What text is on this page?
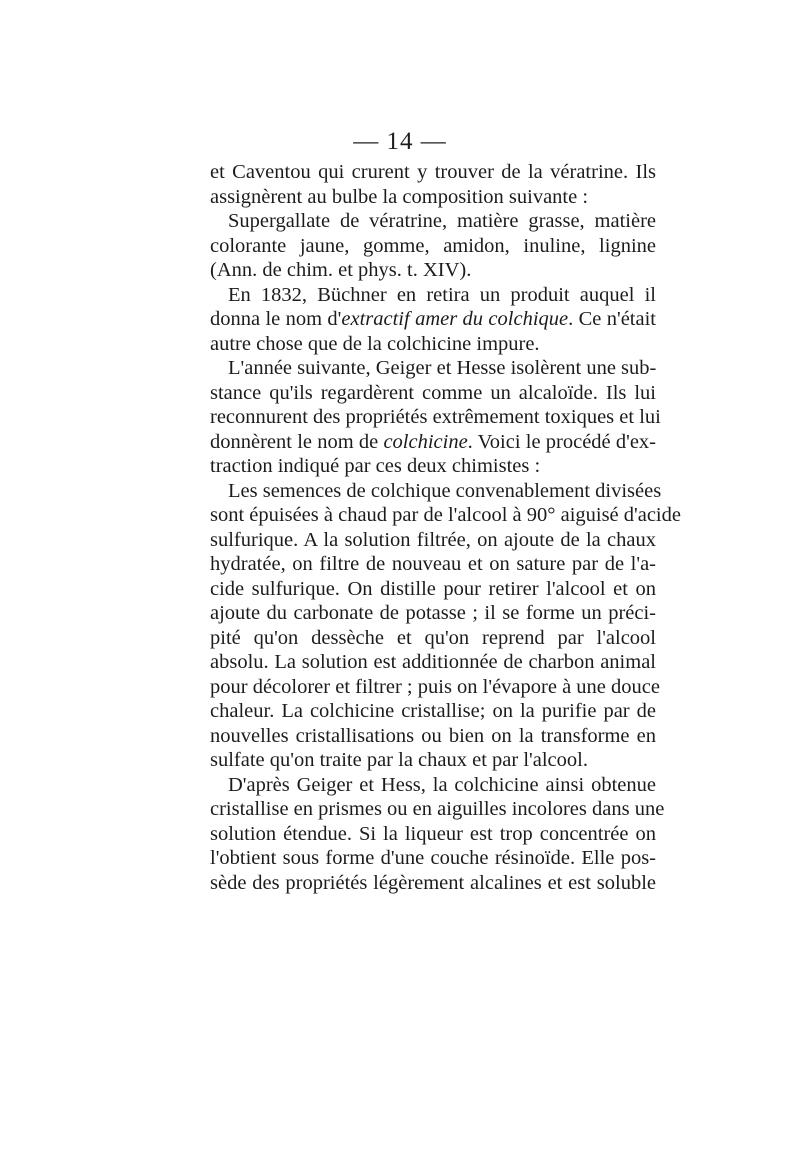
— 14 —
et Caventou qui crurent y trouver de la vératrine. Ils
assignèrent au bulbe la composition suivante :
Supergallate de vératrine, matière grasse, matière
colorante jaune, gomme, amidon, inuline, lignine
(Ann. de chim. et phys. t. XIV).
En 1832, Büchner en retira un produit auquel il
donna le nom d'extractif amer du colchique. Ce n'était
autre chose que de la colchicine impure.
L'année suivante, Geiger et Hesse isolèrent une sub-
stance qu'ils regardèrent comme un alcaloïde. Ils lui
reconnurent des propriétés extrêmement toxiques et lui
donnèrent le nom de colchicine. Voici le procédé d'ex-
traction indiqué par ces deux chimistes :
Les semences de colchique convenablement divisées
sont épuisées à chaud par de l'alcool à 90° aiguisé d'acide
sulfurique. A la solution filtrée, on ajoute de la chaux
hydratée, on filtre de nouveau et on sature par de l'a-
cide sulfurique. On distille pour retirer l'alcool et on
ajoute du carbonate de potasse ; il se forme un préci-
pité qu'on dessèche et qu'on reprend par l'alcool
absolu. La solution est additionnée de charbon animal
pour décolorer et filtrer ; puis on l'évapore à une douce
chaleur. La colchicine cristallise; on la purifie par de
nouvelles cristallisations ou bien on la transforme en
sulfate qu'on traite par la chaux et par l'alcool.
D'après Geiger et Hess, la colchicine ainsi obtenue
cristallise en prismes ou en aiguilles incolores dans une
solution étendue. Si la liqueur est trop concentrée on
l'obtient sous forme d'une couche résinoïde. Elle pos-
sède des propriétés légèrement alcalines et est soluble
